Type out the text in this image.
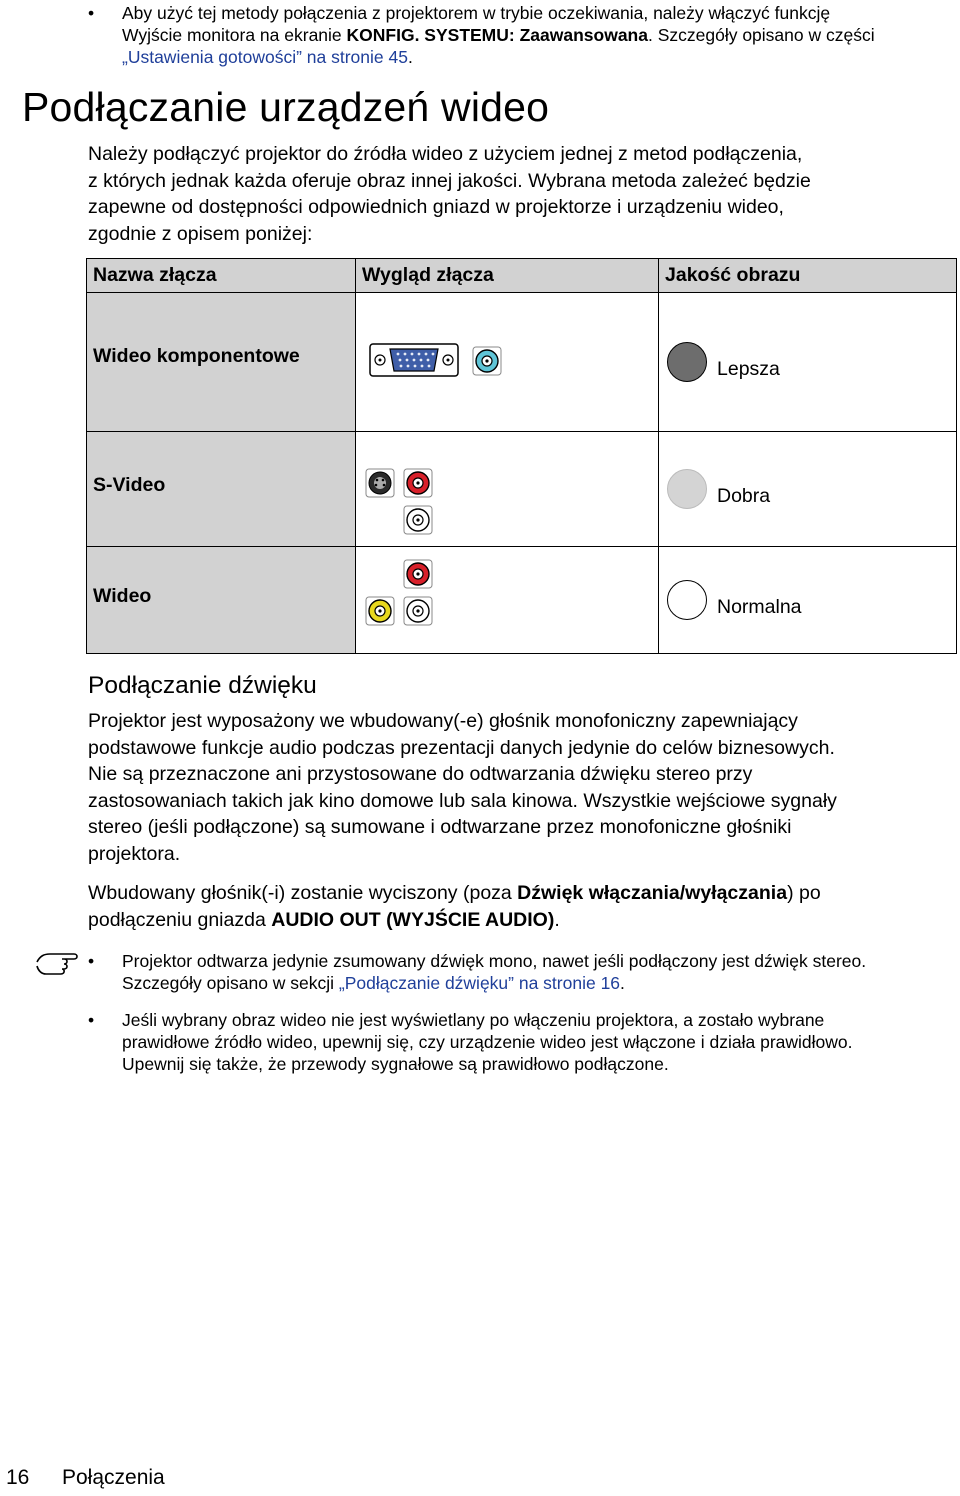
• Aby użyć tej metody połączenia z projektorem w trybie oczekiwania, należy włączyć funkcję
Wyjście monitora na ekranie KONFIG. SYSTEMU: Zaawansowana. Szczegóły opisano w części
„Ustawienia gotowości” na stronie 45.
Podłączanie urządzeń wideo
Należy podłączyć projektor do źródła wideo z użyciem jednej z metod podłączenia,
z których jednak każda oferuje obraz innej jakości. Wybrana metoda zależeć będzie
zapewne od dostępności odpowiednich gniazd w projektorze i urządzeniu wideo,
zgodnie z opisem poniżej:
Nazwa złącza	Wygląd złącza	Jakość obrazu
Wideo komponentowe		Lepsza

S-Video		Dobra

Wideo		Normalna
Podłączanie dźwięku
Projektor jest wyposażony we wbudowany(-e) głośnik monofoniczny zapewniający
podstawowe funkcje audio podczas prezentacji danych jedynie do celów biznesowych.
Nie są przeznaczone ani przystosowane do odtwarzania dźwięku stereo przy
zastosowaniach takich jak kino domowe lub sala kinowa. Wszystkie wejściowe sygnały
stereo (jeśli podłączone) są sumowane i odtwarzane przez monofoniczne głośniki
projektora.
Wbudowany głośnik(-i) zostanie wyciszony (poza Dźwięk włączania/wyłączania) po
podłączeniu gniazda AUDIO OUT (WYJŚCIE AUDIO).
• Projektor odtwarza jedynie zsumowany dźwięk mono, nawet jeśli podłączony jest dźwięk stereo.
Szczegóły opisano w sekcji „Podłączanie dźwięku” na stronie 16.
• Jeśli wybrany obraz wideo nie jest wyświetlany po włączeniu projektora, a zostało wybrane
prawidłowe źródło wideo, upewnij się, czy urządzenie wideo jest włączone i działa prawidłowo.
Upewnij się także, że przewody sygnałowe są prawidłowo podłączone.
16 Połączenia
